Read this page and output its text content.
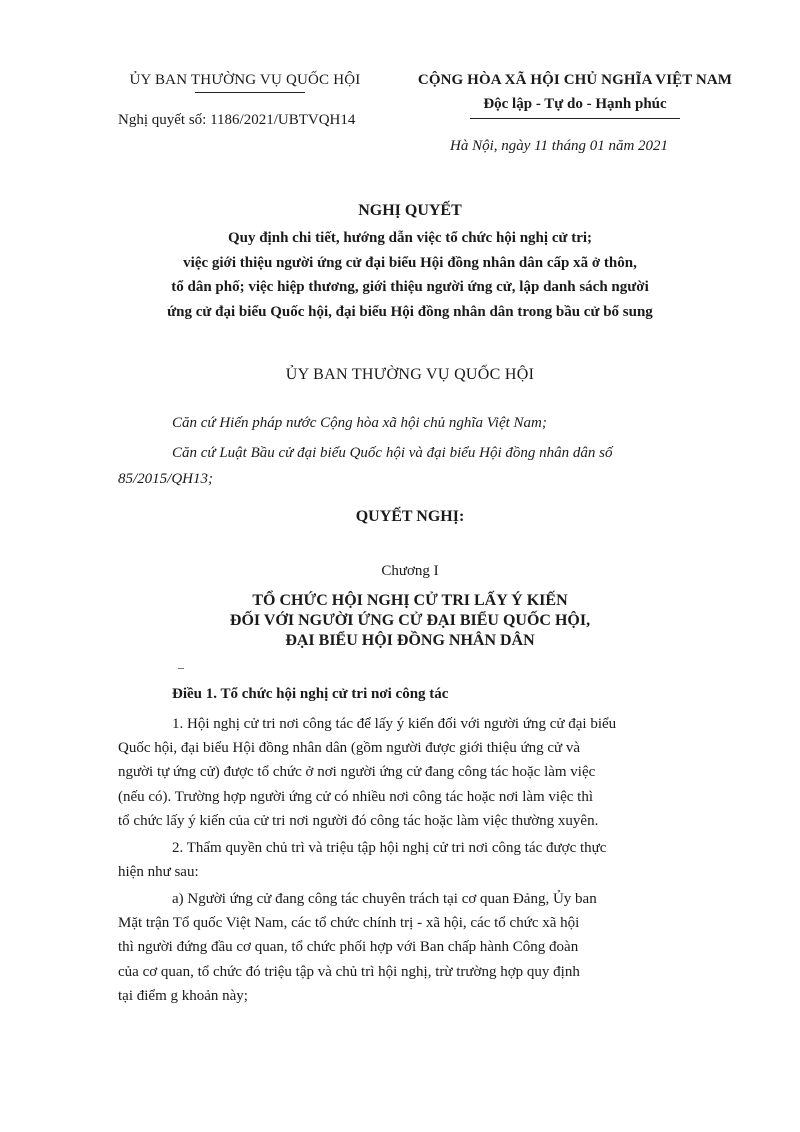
ỦY BAN THƯỜNG VỤ QUỐC HỘI
Nghị quyết số: 1186/2021/UBTVQH14
CỘNG HÒA XÃ HỘI CHỦ NGHĨA VIỆT NAM
Độc lập - Tự do - Hạnh phúc
Hà Nội, ngày 11 tháng 01 năm 2021
NGHỊ QUYẾT
Quy định chi tiết, hướng dẫn việc tổ chức hội nghị cử tri;
việc giới thiệu người ứng cử đại biểu Hội đồng nhân dân cấp xã ở thôn,
tổ dân phố; việc hiệp thương, giới thiệu người ứng cử, lập danh sách người
ứng cử đại biểu Quốc hội, đại biểu Hội đồng nhân dân trong bầu cử bổ sung
ỦY BAN THƯỜNG VỤ QUỐC HỘI
Căn cứ Hiến pháp nước Cộng hòa xã hội chủ nghĩa Việt Nam;
Căn cứ Luật Bầu cử đại biểu Quốc hội và đại biểu Hội đồng nhân dân số
85/2015/QH13;
QUYẾT NGHỊ:
Chương I
TỔ CHỨC HỘI NGHỊ CỬ TRI LẤY Ý KIẾN
ĐỐI VỚI NGƯỜI ỨNG CỬ ĐẠI BIỂU QUỐC HỘI,
ĐẠI BIỂU HỘI ĐỒNG NHÂN DÂN
Điều 1. Tổ chức hội nghị cử tri nơi công tác
1. Hội nghị cử tri nơi công tác để lấy ý kiến đối với người ứng cử đại biểu
Quốc hội, đại biểu Hội đồng nhân dân (gồm người được giới thiệu ứng cử và
người tự ứng cử) được tổ chức ở nơi người ứng cử đang công tác hoặc làm việc
(nếu có). Trường hợp người ứng cử có nhiều nơi công tác hoặc nơi làm việc thì
tổ chức lấy ý kiến của cử tri nơi người đó công tác hoặc làm việc thường xuyên.
2. Thẩm quyền chủ trì và triệu tập hội nghị cử tri nơi công tác được thực
hiện như sau:
a) Người ứng cử đang công tác chuyên trách tại cơ quan Đảng, Ủy ban
Mặt trận Tổ quốc Việt Nam, các tổ chức chính trị - xã hội, các tổ chức xã hội
thì người đứng đầu cơ quan, tổ chức phối hợp với Ban chấp hành Công đoàn
của cơ quan, tổ chức đó triệu tập và chủ trì hội nghị, trừ trường hợp quy định
tại điểm g khoản này;
